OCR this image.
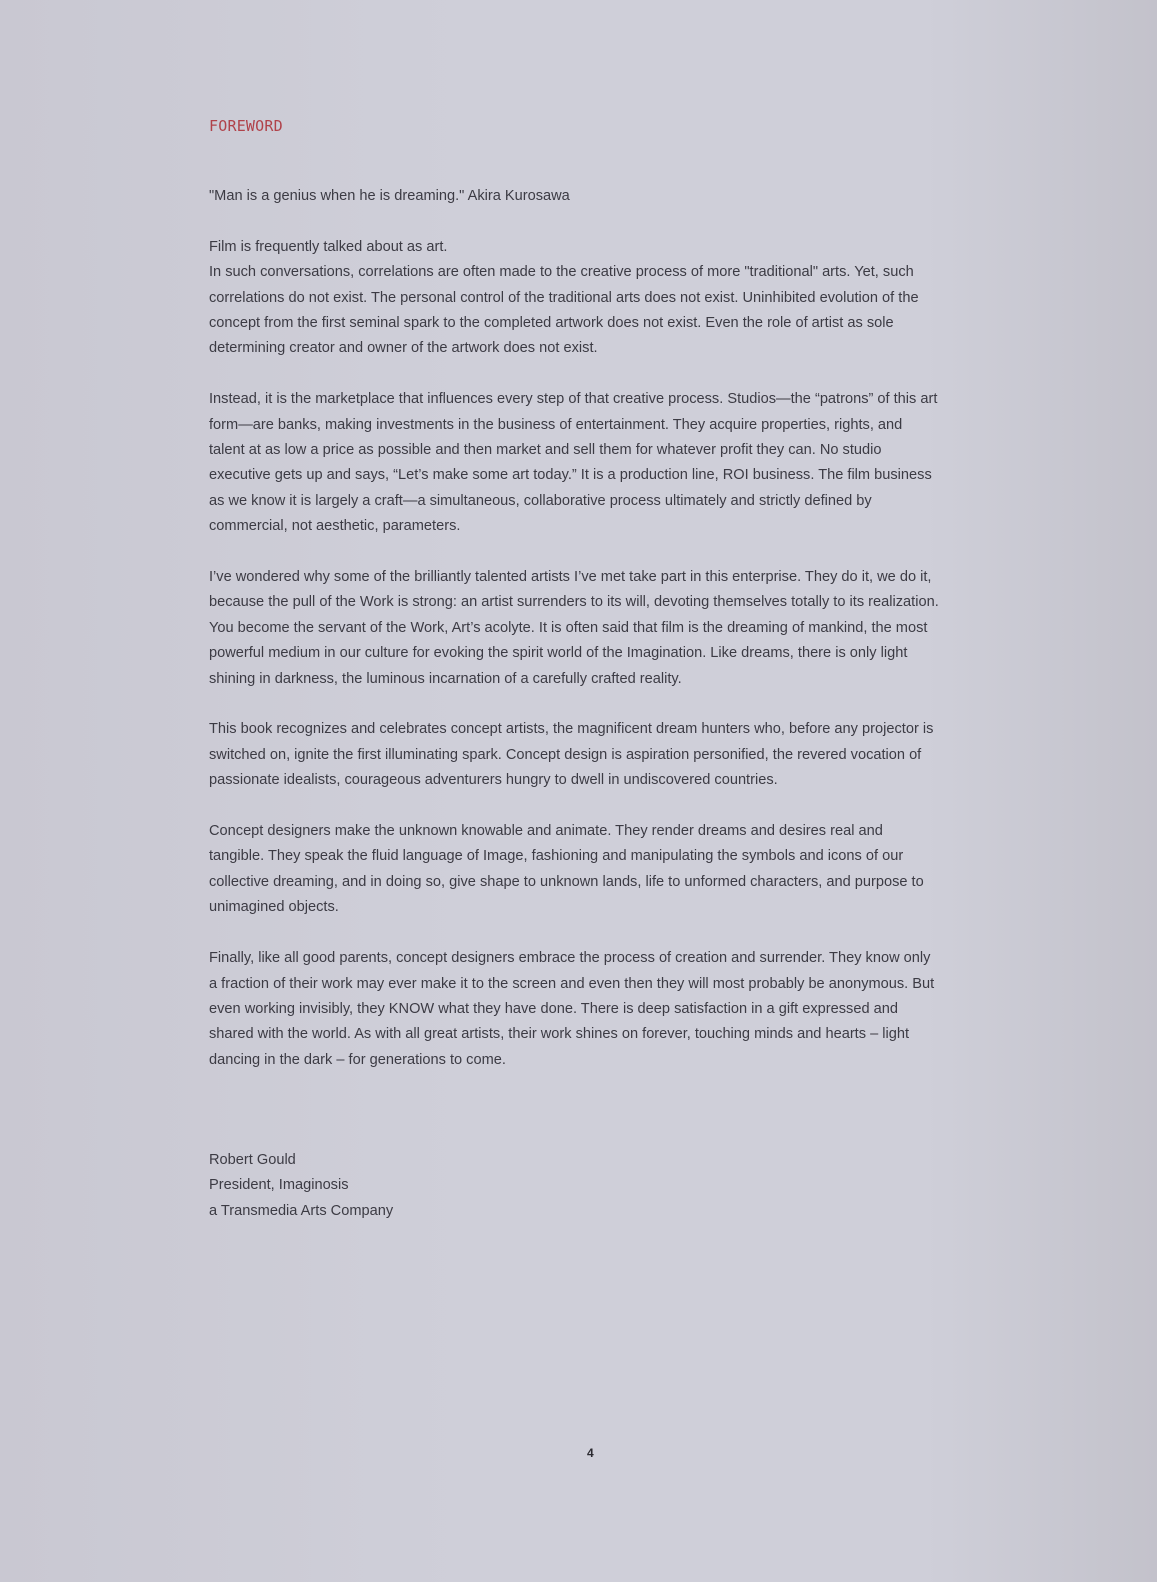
FOREWORD

"Man is a genius when he is dreaming." Akira Kurosawa

Film is frequently talked about as art.

In such conversations, correlations are often made to the creative process of more "traditional" arts. Yet, such correlations do not exist. The personal control of the traditional arts does not exist. Uninhibited evolution of the concept from the first seminal spark to the completed artwork does not exist. Even the role of artist as sole determining creator and owner of the artwork does not exist.

Instead, it is the marketplace that influences every step of that creative process. Studios—the “patrons” of this art form—are banks, making investments in the business of entertainment. They acquire properties, rights, and talent at as low a price as possible and then market and sell them for whatever profit they can. No studio executive gets up and says, “Let’s make some art today.” It is a production line, ROI business. The film business as we know it is largely a craft—a simultaneous, collaborative process ultimately and strictly defined by commercial, not aesthetic, parameters.

I’ve wondered why some of the brilliantly talented artists I’ve met take part in this enterprise. They do it, we do it, because the pull of the Work is strong: an artist surrenders to its will, devoting themselves totally to its realization. You become the servant of the Work, Art’s acolyte. It is often said that film is the dreaming of mankind, the most powerful medium in our culture for evoking the spirit world of the Imagination. Like dreams, there is only light shining in darkness, the luminous incarnation of a carefully crafted reality.

This book recognizes and celebrates concept artists, the magnificent dream hunters who, before any projector is switched on, ignite the first illuminating spark. Concept design is aspiration personified, the revered vocation of passionate idealists, courageous adventurers hungry to dwell in undiscovered countries.

Concept designers make the unknown knowable and animate. They render dreams and desires real and tangible. They speak the fluid language of Image, fashioning and manipulating the symbols and icons of our collective dreaming, and in doing so, give shape to unknown lands, life to unformed characters, and purpose to unimagined objects.

Finally, like all good parents, concept designers embrace the process of creation and surrender. They know only a fraction of their work may ever make it to the screen and even then they will most probably be anonymous. But even working invisibly, they KNOW what they have done. There is deep satisfaction in a gift expressed and shared with the world. As with all great artists, their work shines on forever, touching minds and hearts – light dancing in the dark – for generations to come.

Robert Gould
President, Imaginosis
a Transmedia Arts Company
4
